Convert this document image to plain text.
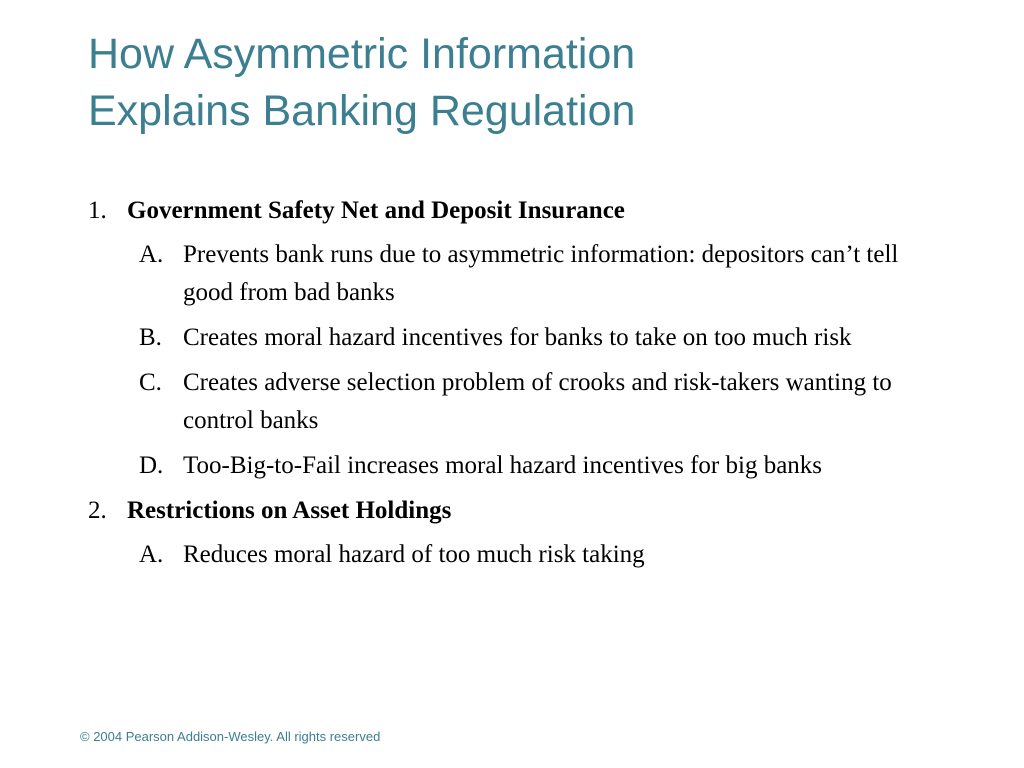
How Asymmetric Information
Explains Banking Regulation
1. Government Safety Net and Deposit Insurance
A. Prevents bank runs due to asymmetric information: depositors can’t tell good from bad banks
B. Creates moral hazard incentives for banks to take on too much risk
C. Creates adverse selection problem of crooks and risk-takers wanting to control banks
D. Too-Big-to-Fail increases moral hazard incentives for big banks
2. Restrictions on Asset Holdings
A. Reduces moral hazard of too much risk taking
© 2004 Pearson Addison-Wesley. All rights reserved
